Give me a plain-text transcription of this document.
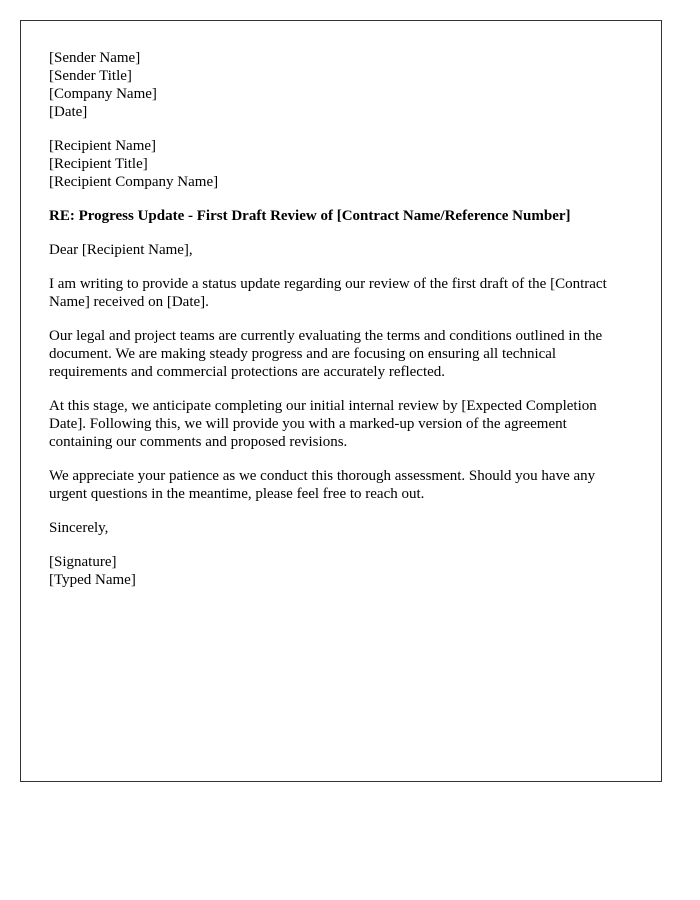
[Sender Name]
[Sender Title]
[Company Name]
[Date]
[Recipient Name]
[Recipient Title]
[Recipient Company Name]

RE: Progress Update - First Draft Review of [Contract Name/Reference Number]

Dear [Recipient Name],

I am writing to provide a status update regarding our review of the first draft of the [Contract Name] received on [Date].

Our legal and project teams are currently evaluating the terms and conditions outlined in the document. We are making steady progress and are focusing on ensuring all technical requirements and commercial protections are accurately reflected.

At this stage, we anticipate completing our initial internal review by [Expected Completion Date]. Following this, we will provide you with a marked-up version of the agreement containing our comments and proposed revisions.

We appreciate your patience as we conduct this thorough assessment. Should you have any urgent questions in the meantime, please feel free to reach out.

Sincerely,

[Signature]
[Typed Name]
